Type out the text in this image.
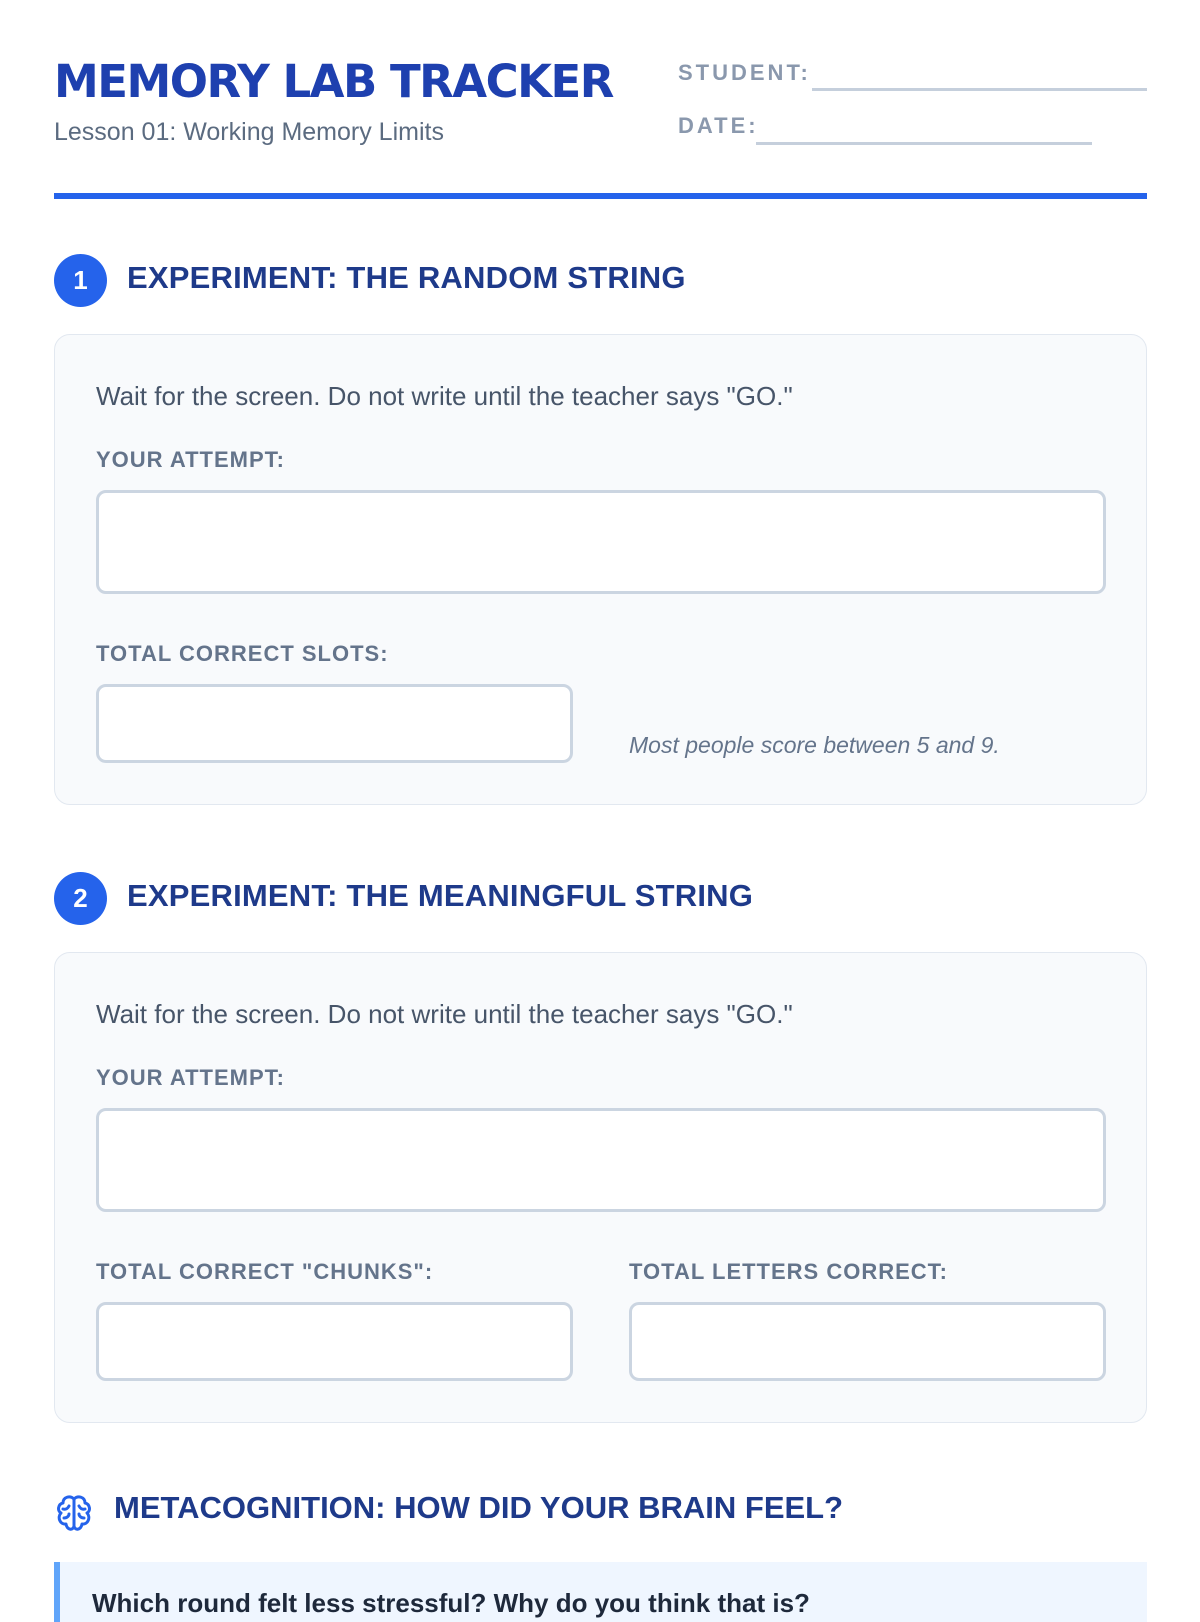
MEMORY LAB TRACKER
Lesson 01: Working Memory Limits
STUDENT:
DATE:
1	EXPERIMENT: THE RANDOM STRING
Wait for the screen. Do not write until the teacher says "GO."
YOUR ATTEMPT:
TOTAL CORRECT SLOTS:
Most people score between 5 and 9.
2	EXPERIMENT: THE MEANINGFUL STRING
Wait for the screen. Do not write until the teacher says "GO."
YOUR ATTEMPT:
TOTAL CORRECT "CHUNKS":	TOTAL LETTERS CORRECT:
METACOGNITION: HOW DID YOUR BRAIN FEEL?
Which round felt less stressful? Why do you think that is?
